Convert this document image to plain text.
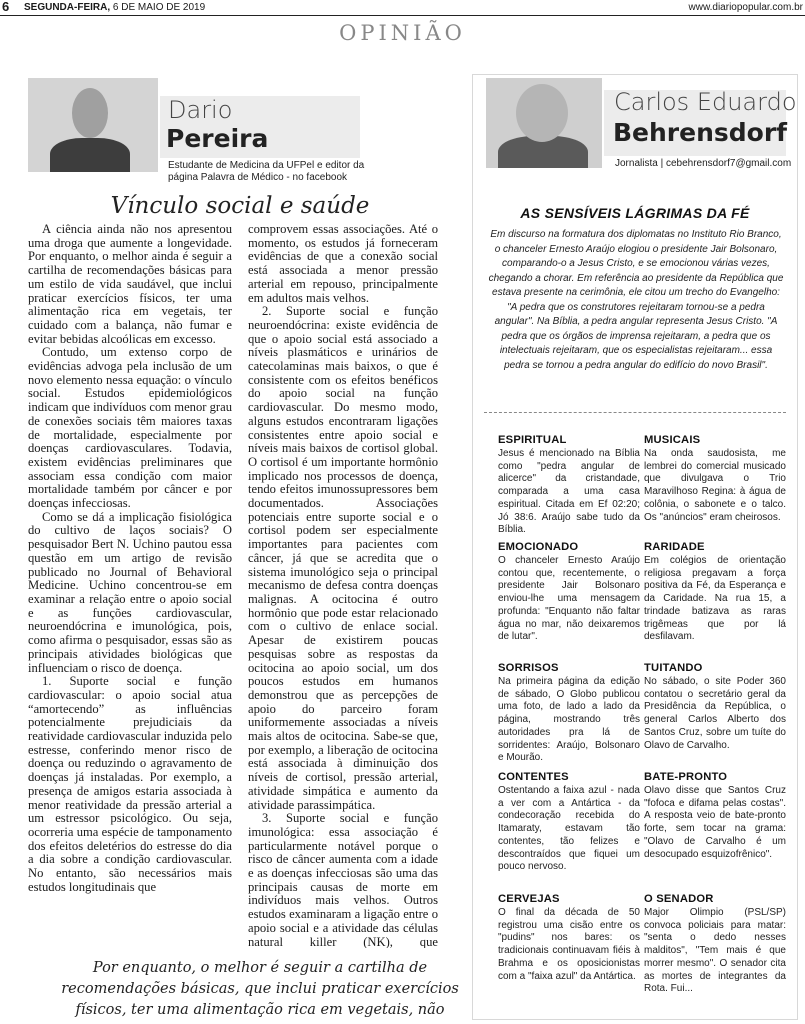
6 SEGUNDA-FEIRA, 6 DE MAIO DE 2019	www.diariopopular.com.br
OPINIÃO
Dario
Pereira
Estudante de Medicina da UFPel e editor da
página Palavra de Médico - no facebook
Vínculo social e saúde

A ciência ainda não nos apresentou uma droga que aumente a longevidade. Por enquanto, o melhor ainda é seguir a cartilha de recomendações básicas para um estilo de vida saudável, que inclui praticar exercícios físicos, ter uma alimentação rica em vegetais, ter cuidado com a balança, não fumar e evitar bebidas alcoólicas em excesso.

Contudo, um extenso corpo de evidências advoga pela inclusão de um novo elemento nessa equação: o vínculo social. Estudos epidemiológicos indicam que indivíduos com menor grau de conexões sociais têm maiores taxas de mortalidade, especialmente por doenças cardiovasculares. Todavia, existem evidências preliminares que associam essa condição com maior mortalidade também por câncer e por doenças infecciosas.

Como se dá a implicação fisiológica do cultivo de laços sociais? O pesquisador Bert N. Uchino pautou essa questão em um artigo de revisão publicado no Journal of Behavioral Medicine. Uchino concentrou-se em examinar a relação entre o apoio social e as funções cardiovascular, neuroendócrina e imunológica, pois, como afirma o pesquisador, essas são as principais atividades biológicas que influenciam o risco de doença.

1. Suporte social e função cardiovascular: o apoio social atua “amortecendo” as influências potencialmente prejudiciais da reatividade cardiovascular induzida pelo estresse, conferindo menor risco de doença ou reduzindo o agravamento de doenças já instaladas. Por exemplo, a presença de amigos estaria associada à menor reatividade da pressão arterial a um estressor psicológico. Ou seja, ocorreria uma espécie de tamponamento dos efeitos deletérios do estresse do dia a dia sobre a condição cardiovascular. No entanto, são necessários mais estudos longitudinais que

comprovem essas associações. Até o momento, os estudos já forneceram evidências de que a conexão social está associada a menor pressão arterial em repouso, principalmente em adultos mais velhos.

2. Suporte social e função neuroendócrina: existe evidência de que o apoio social está associado a níveis plasmáticos e urinários de catecolaminas mais baixos, o que é consistente com os efeitos benéficos do apoio social na função cardiovascular. Do mesmo modo, alguns estudos encontraram ligações consistentes entre apoio social e níveis mais baixos de cortisol global. O cortisol é um importante hormônio implicado nos processos de doença, tendo efeitos imunossupressores bem documentados. Associações potenciais entre suporte social e o cortisol podem ser especialmente importantes para pacientes com câncer, já que se acredita que o sistema imunológico seja o principal mecanismo de defesa contra doenças malignas. A ocitocina é outro hormônio que pode estar relacionado com o cultivo de enlace social. Apesar de existirem poucas pesquisas sobre as respostas da ocitocina ao apoio social, um dos poucos estudos em humanos demonstrou que as percepções de apoio do parceiro foram uniformemente associadas a níveis mais altos de ocitocina. Sabe-se que, por exemplo, a liberação de ocitocina está associada à diminuição dos níveis de cortisol, pressão arterial, atividade simpática e aumento da atividade parassimpática.

3. Suporte social e função imunológica: essa associação é particularmente notável porque o risco de câncer aumenta com a idade e as doenças infecciosas são uma das principais causas de morte em indivíduos mais velhos. Outros estudos examinaram a ligação entre o apoio social e a atividade das células natural killer (NK), que

Por enquanto, o melhor é seguir a cartilha de recomendações básicas, que inclui praticar exercícios físicos, ter uma alimentação rica em vegetais, não
Carlos Eduardo
Behrensdorf
Jornalista | cebehrensdorf7@gmail.com
AS SENSÍVEIS LÁGRIMAS DA FÉ
Em discurso na formatura dos diplomatas no Instituto Rio Branco, o chanceler Ernesto Araújo elogiou o presidente Jair Bolsonaro, comparando-o a Jesus Cristo, e se emocionou várias vezes, chegando a chorar. Em referência ao presidente da República que estava presente na cerimônia, ele citou um trecho do Evangelho: "A pedra que os construtores rejeitaram tornou-se a pedra angular". Na Bíblia, a pedra angular representa Jesus Cristo. "A pedra que os órgãos de imprensa rejeitaram, a pedra que os intelectuais rejeitaram, que os especialistas rejeitaram... essa pedra se tornou a pedra angular do edifício do novo Brasil".
ESPIRITUAL

Jesus é mencionado na Bíblia como "pedra angular de alicerce" da cristandade, comparada a uma casa espiritual. Citada em Ef 02:20; Jó 38:6. Araújo sabe tudo da Bíblia.

EMOCIONADO

O chanceler Ernesto Araújo contou que, recentemente, o presidente Jair Bolsonaro enviou-lhe uma mensagem profunda: "Enquanto não faltar água no mar, não deixaremos de lutar".

SORRISOS

Na primeira página da edição de sábado, O Globo publicou uma foto, de lado a lado da página, mostrando três autoridades pra lá de sorridentes: Araújo, Bolsonaro e Mourão.

CONTENTES

Ostentando a faixa azul - nada a ver com a Antártica - da condecoração recebida do Itamaraty, estavam tão contentes, tão felizes e descontraídos que fiquei um pouco nervoso.

CERVEJAS

O final da década de 50 registrou uma cisão entre os "pudins" nos bares: os tradicionais continuavam fiéis à Brahma e os oposicionistas com a "faixa azul" da Antártica.

MUSICAIS

Na onda saudosista, me lembrei do comercial musicado que divulgava o Trio Maravilhoso Regina: à água de colônia, o sabonete e o talco. Os "anúncios" eram cheirosos.

RARIDADE

Em colégios de orientação religiosa pregavam a força positiva da Fé, da Esperança e da Caridade. Na rua 15, a trindade batizava as raras trigêmeas que por lá desfilavam.

TUITANDO

No sábado, o site Poder 360 contatou o secretário geral da Presidência da República, o general Carlos Alberto dos Santos Cruz, sobre um tuíte do Olavo de Carvalho.

BATE-PRONTO

Olavo disse que Santos Cruz "fofoca e difama pelas costas". A resposta veio de bate-pronto forte, sem tocar na grama: "Olavo de Carvalho é um desocupado esquizofrênico".

O SENADOR

Major Olimpio (PSL/SP) convoca policiais para matar: "senta o dedo nesses malditos", "Tem mais é que morrer mesmo". O senador cita as mortes de integrantes da Rota. Fui...
